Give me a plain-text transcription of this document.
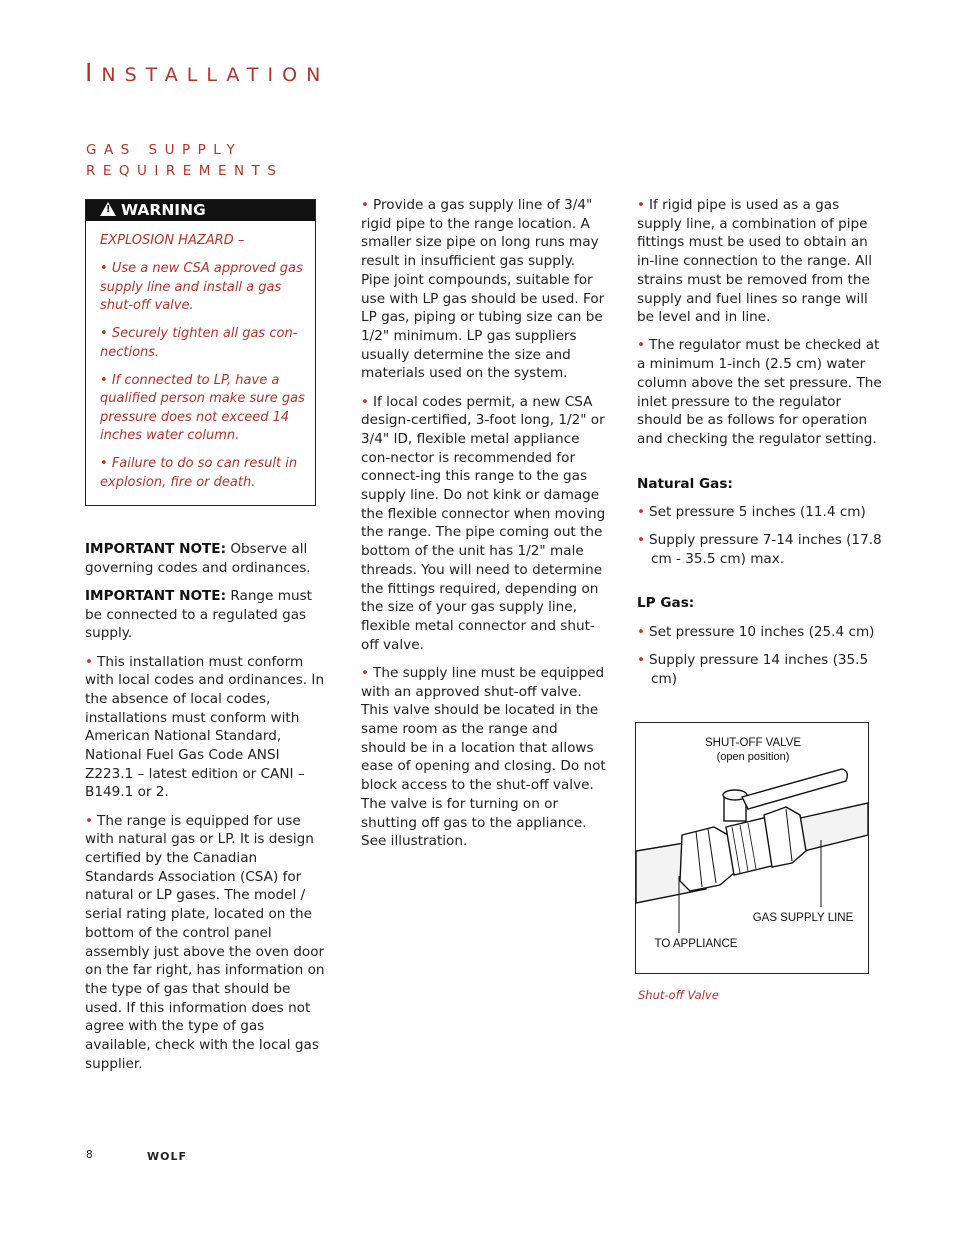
INSTALLATION
GAS SUPPLY
REQUIREMENTS
! WARNING

EXPLOSION HAZARD –

• Use a new CSA approved gas supply line and install a gas shut-off valve.

• Securely tighten all gas con-nections.

• If connected to LP, have a qualified person make sure gas pressure does not exceed 14 inches water column.

• Failure to do so can result in explosion, fire or death.

IMPORTANT NOTE: Observe all governing codes and ordinances.

IMPORTANT NOTE: Range must be connected to a regulated gas supply.

• This installation must conform with local codes and ordinances. In the absence of local codes, installations must conform with American National Standard, National Fuel Gas Code ANSI Z223.1 – latest edition or CANI – B149.1 or 2.

• The range is equipped for use with natural gas or LP. It is design certified by the Canadian Standards Association (CSA) for natural or LP gases. The model / serial rating plate, located on the bottom of the control panel assembly just above the oven door on the far right, has information on the type of gas that should be used. If this information does not agree with the type of gas available, check with the local gas supplier.

• Provide a gas supply line of 3/4" rigid pipe to the range location. A smaller size pipe on long runs may result in insufficient gas supply. Pipe joint compounds, suitable for use with LP gas should be used. For LP gas, piping or tubing size can be 1/2" minimum. LP gas suppliers usually determine the size and materials used on the system.

• If local codes permit, a new CSA design-certified, 3-foot long, 1/2" or 3/4" ID, flexible metal appliance con-nector is recommended for connect-ing this range to the gas supply line. Do not kink or damage the flexible connector when moving the range. The pipe coming out the bottom of the unit has 1/2" male threads. You will need to determine the fittings required, depending on the size of your gas supply line, flexible metal connector and shut-off valve.

• The supply line must be equipped with an approved shut-off valve. This valve should be located in the same room as the range and should be in a location that allows ease of opening and closing. Do not block access to the shut-off valve. The valve is for turning on or shutting off gas to the appliance. See illustration.

• If rigid pipe is used as a gas supply line, a combination of pipe fittings must be used to obtain an in-line connection to the range. All strains must be removed from the supply and fuel lines so range will be level and in line.

• The regulator must be checked at a minimum 1-inch (2.5 cm) water column above the set pressure. The inlet pressure to the regulator should be as follows for operation and checking the regulator setting.

Natural Gas:

• Set pressure 5 inches (11.4 cm)

• Supply pressure 7-14 inches (17.8 cm - 35.5 cm) max.

LP Gas:

• Set pressure 10 inches (25.4 cm)

• Supply pressure 14 inches (35.5 cm)

SHUT-OFF VALVE
(open position)
GAS SUPPLY LINE
TO APPLIANCE
Shut-off Valve
8	WOLF
